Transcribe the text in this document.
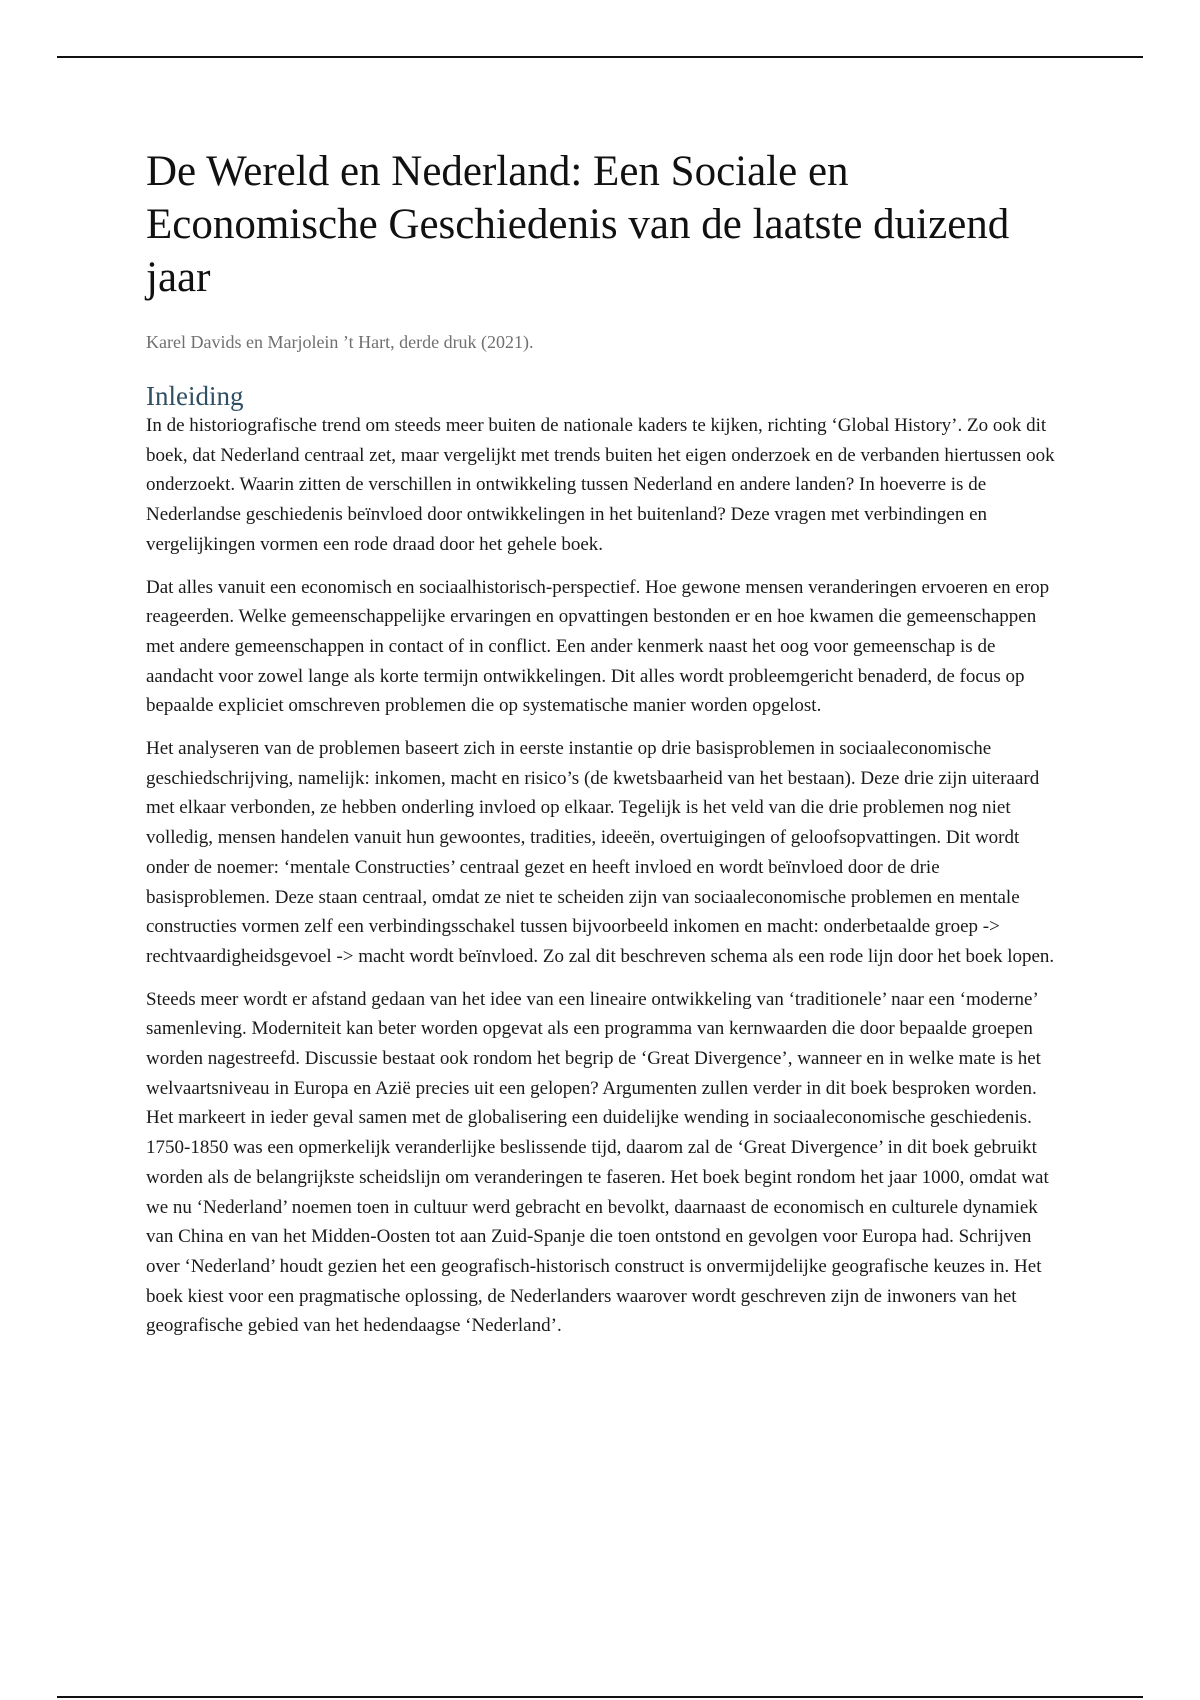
De Wereld en Nederland: Een Sociale en Economische Geschiedenis van de laatste duizend jaar

Karel Davids en Marjolein ’t Hart, derde druk (2021).

Inleiding

In de historiografische trend om steeds meer buiten de nationale kaders te kijken, richting ‘Global History’. Zo ook dit boek, dat Nederland centraal zet, maar vergelijkt met trends buiten het eigen onderzoek en de verbanden hiertussen ook onderzoekt. Waarin zitten de verschillen in ontwikkeling tussen Nederland en andere landen? In hoeverre is de Nederlandse geschiedenis beïnvloed door ontwikkelingen in het buitenland? Deze vragen met verbindingen en vergelijkingen vormen een rode draad door het gehele boek.

Dat alles vanuit een economisch en sociaalhistorisch-perspectief. Hoe gewone mensen veranderingen ervoeren en erop reageerden. Welke gemeenschappelijke ervaringen en opvattingen bestonden er en hoe kwamen die gemeenschappen met andere gemeenschappen in contact of in conflict. Een ander kenmerk naast het oog voor gemeenschap is de aandacht voor zowel lange als korte termijn ontwikkelingen. Dit alles wordt probleemgericht benaderd, de focus op bepaalde expliciet omschreven problemen die op systematische manier worden opgelost.

Het analyseren van de problemen baseert zich in eerste instantie op drie basisproblemen in sociaaleconomische geschiedschrijving, namelijk: inkomen, macht en risico’s (de kwetsbaarheid van het bestaan). Deze drie zijn uiteraard met elkaar verbonden, ze hebben onderling invloed op elkaar. Tegelijk is het veld van die drie problemen nog niet volledig, mensen handelen vanuit hun gewoontes, tradities, ideeën, overtuigingen of geloofsopvattingen. Dit wordt onder de noemer: ‘mentale Constructies’ centraal gezet en heeft invloed en wordt beïnvloed door de drie basisproblemen. Deze staan centraal, omdat ze niet te scheiden zijn van sociaaleconomische problemen en mentale constructies vormen zelf een verbindingsschakel tussen bijvoorbeeld inkomen en macht: onderbetaalde groep -> rechtvaardigheidsgevoel -> macht wordt beïnvloed. Zo zal dit beschreven schema als een rode lijn door het boek lopen.

Steeds meer wordt er afstand gedaan van het idee van een lineaire ontwikkeling van ‘traditionele’ naar een ‘moderne’ samenleving. Moderniteit kan beter worden opgevat als een programma van kernwaarden die door bepaalde groepen worden nagestreefd. Discussie bestaat ook rondom het begrip de ‘Great Divergence’, wanneer en in welke mate is het welvaartsniveau in Europa en Azië precies uit een gelopen? Argumenten zullen verder in dit boek besproken worden. Het markeert in ieder geval samen met de globalisering een duidelijke wending in sociaaleconomische geschiedenis. 1750-1850 was een opmerkelijk veranderlijke beslissende tijd, daarom zal de ‘Great Divergence’ in dit boek gebruikt worden als de belangrijkste scheidslijn om veranderingen te faseren. Het boek begint rondom het jaar 1000, omdat wat we nu ‘Nederland’ noemen toen in cultuur werd gebracht en bevolkt, daarnaast de economisch en culturele dynamiek van China en van het Midden-Oosten tot aan Zuid-Spanje die toen ontstond en gevolgen voor Europa had. Schrijven over ‘Nederland’ houdt gezien het een geografisch-historisch construct is onvermijdelijke geografische keuzes in. Het boek kiest voor een pragmatische oplossing, de Nederlanders waarover wordt geschreven zijn de inwoners van het geografische gebied van het hedendaagse ‘Nederland’.
